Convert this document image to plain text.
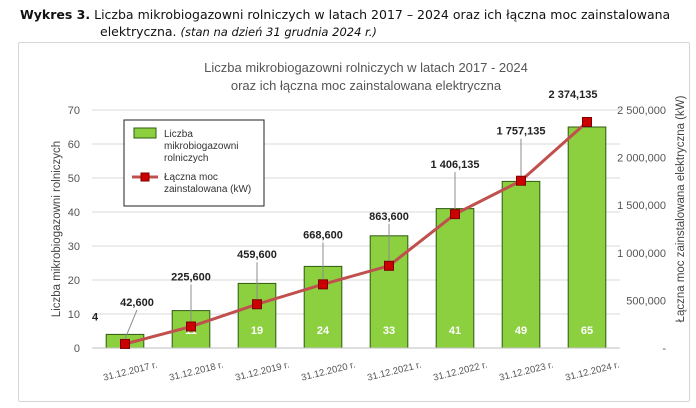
Wykres 3. Liczba mikrobiogazowni rolniczych w latach 2017 – 2024 oraz ich łączna moc zainstalowana
elektryczna. (stan na dzień 31 grudnia 2024 r.)
Liczba mikrobiogazowni rolniczych w latach 2017 - 2024
oraz ich łączna moc zainstalowana elektryczna
0
10
20
30
40
50
60
70
-
500,000
1 000,000
1 500,000
2 000,000
2 500,000
Liczba mikrobiogazowni rolniczych	Łączna moc zainstalowana elektryczna (kW)
4
19	24	33	41	49	65
42,600
225,600
459,600
668,600
863,600
1 406,135
1 757,135
2 374,135
31.12.2017 r. 31.12.2018 r. 31.12.2019 r. 31.12.2020 r. 31.12.2021 r. 31.12.2022 r. 31.12.2023 r. 31.12.2024 r.
Liczba
mikrobiogazowni
rolniczych
Łączna moc
zainstalowana (kW)
